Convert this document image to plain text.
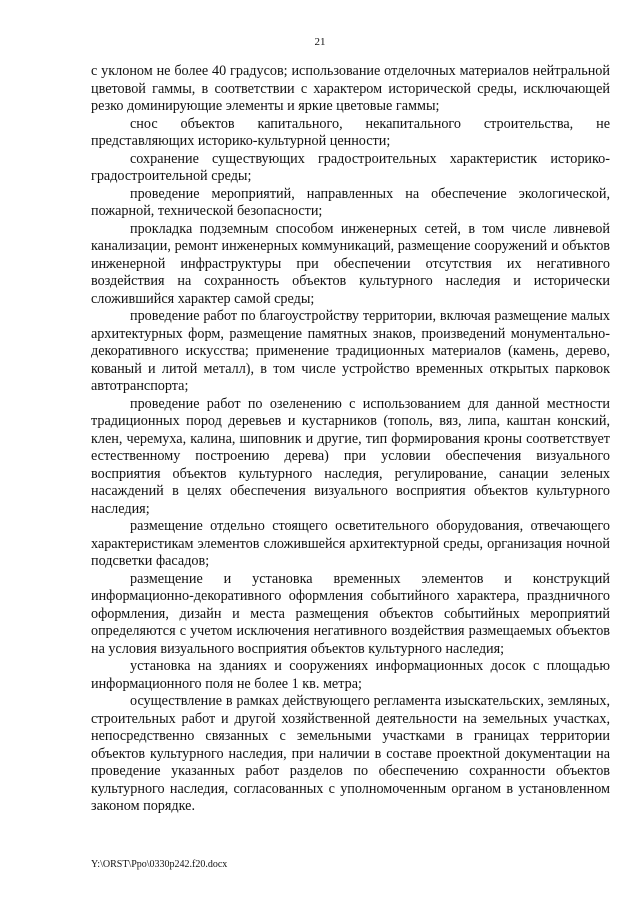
21

с уклоном не более 40 градусов; использование отделочных материалов нейтральной цветовой гаммы, в соответствии с характером исторической среды, исключающей резко доминирующие элементы и яркие цветовые гаммы;

снос объектов капитального, некапитального строительства, не представляющих историко-культурной ценности;

сохранение существующих градостроительных характеристик историко-градостроительной среды;

проведение мероприятий, направленных на обеспечение экологической, пожарной, технической безопасности;

прокладка подземным способом инженерных сетей, в том числе ливневой канализации, ремонт инженерных коммуникаций, размещение сооружений и объктов инженерной инфраструктуры при обеспечении отсутствия их негативного воздействия на сохранность объектов культурного наследия и исторически сложившийся характер самой среды;

проведение работ по благоустройству территории, включая размещение малых архитектурных форм, размещение памятных знаков, произведений монументально-декоративного искусства; применение традиционных материалов (камень, дерево, кованый и литой металл), в том числе устройство временных открытых парковок автотранспорта;

проведение работ по озеленению с использованием для данной местности традиционных пород деревьев и кустарников (тополь, вяз, липа, каштан конский, клен, черемуха, калина, шиповник и другие, тип формирования кроны соответствует естественному построению дерева) при условии обеспечения визуального восприятия объектов культурного наследия, регулирование, санации зеленых насаждений в целях обеспечения визуального восприятия объектов культурного наследия;

размещение отдельно стоящего осветительного оборудования, отвечающего характеристикам элементов сложившейся архитектурной среды, организация ночной подсветки фасадов;

размещение и установка временных элементов и конструкций информационно-декоративного оформления событийного характера, праздничного оформления, дизайн и места размещения объектов событийных мероприятий определяются с учетом исключения негативного воздействия размещаемых объектов на условия визуального восприятия объектов культурного наследия;

установка на зданиях и сооружениях информационных досок с площадью информационного поля не более 1 кв. метра;

осуществление в рамках действующего регламента изыскательских, земляных, строительных работ и другой хозяйственной деятельности на земельных участках, непосредственно связанных с земельными участками в границах территории объектов культурного наследия, при наличии в составе проектной документации на проведение указанных работ разделов по обеспечению сохранности объектов культурного наследия, согласованных с уполномоченным органом в установленном законом порядке.

Y:\ORST\Ppo\0330p242.f20.docx
